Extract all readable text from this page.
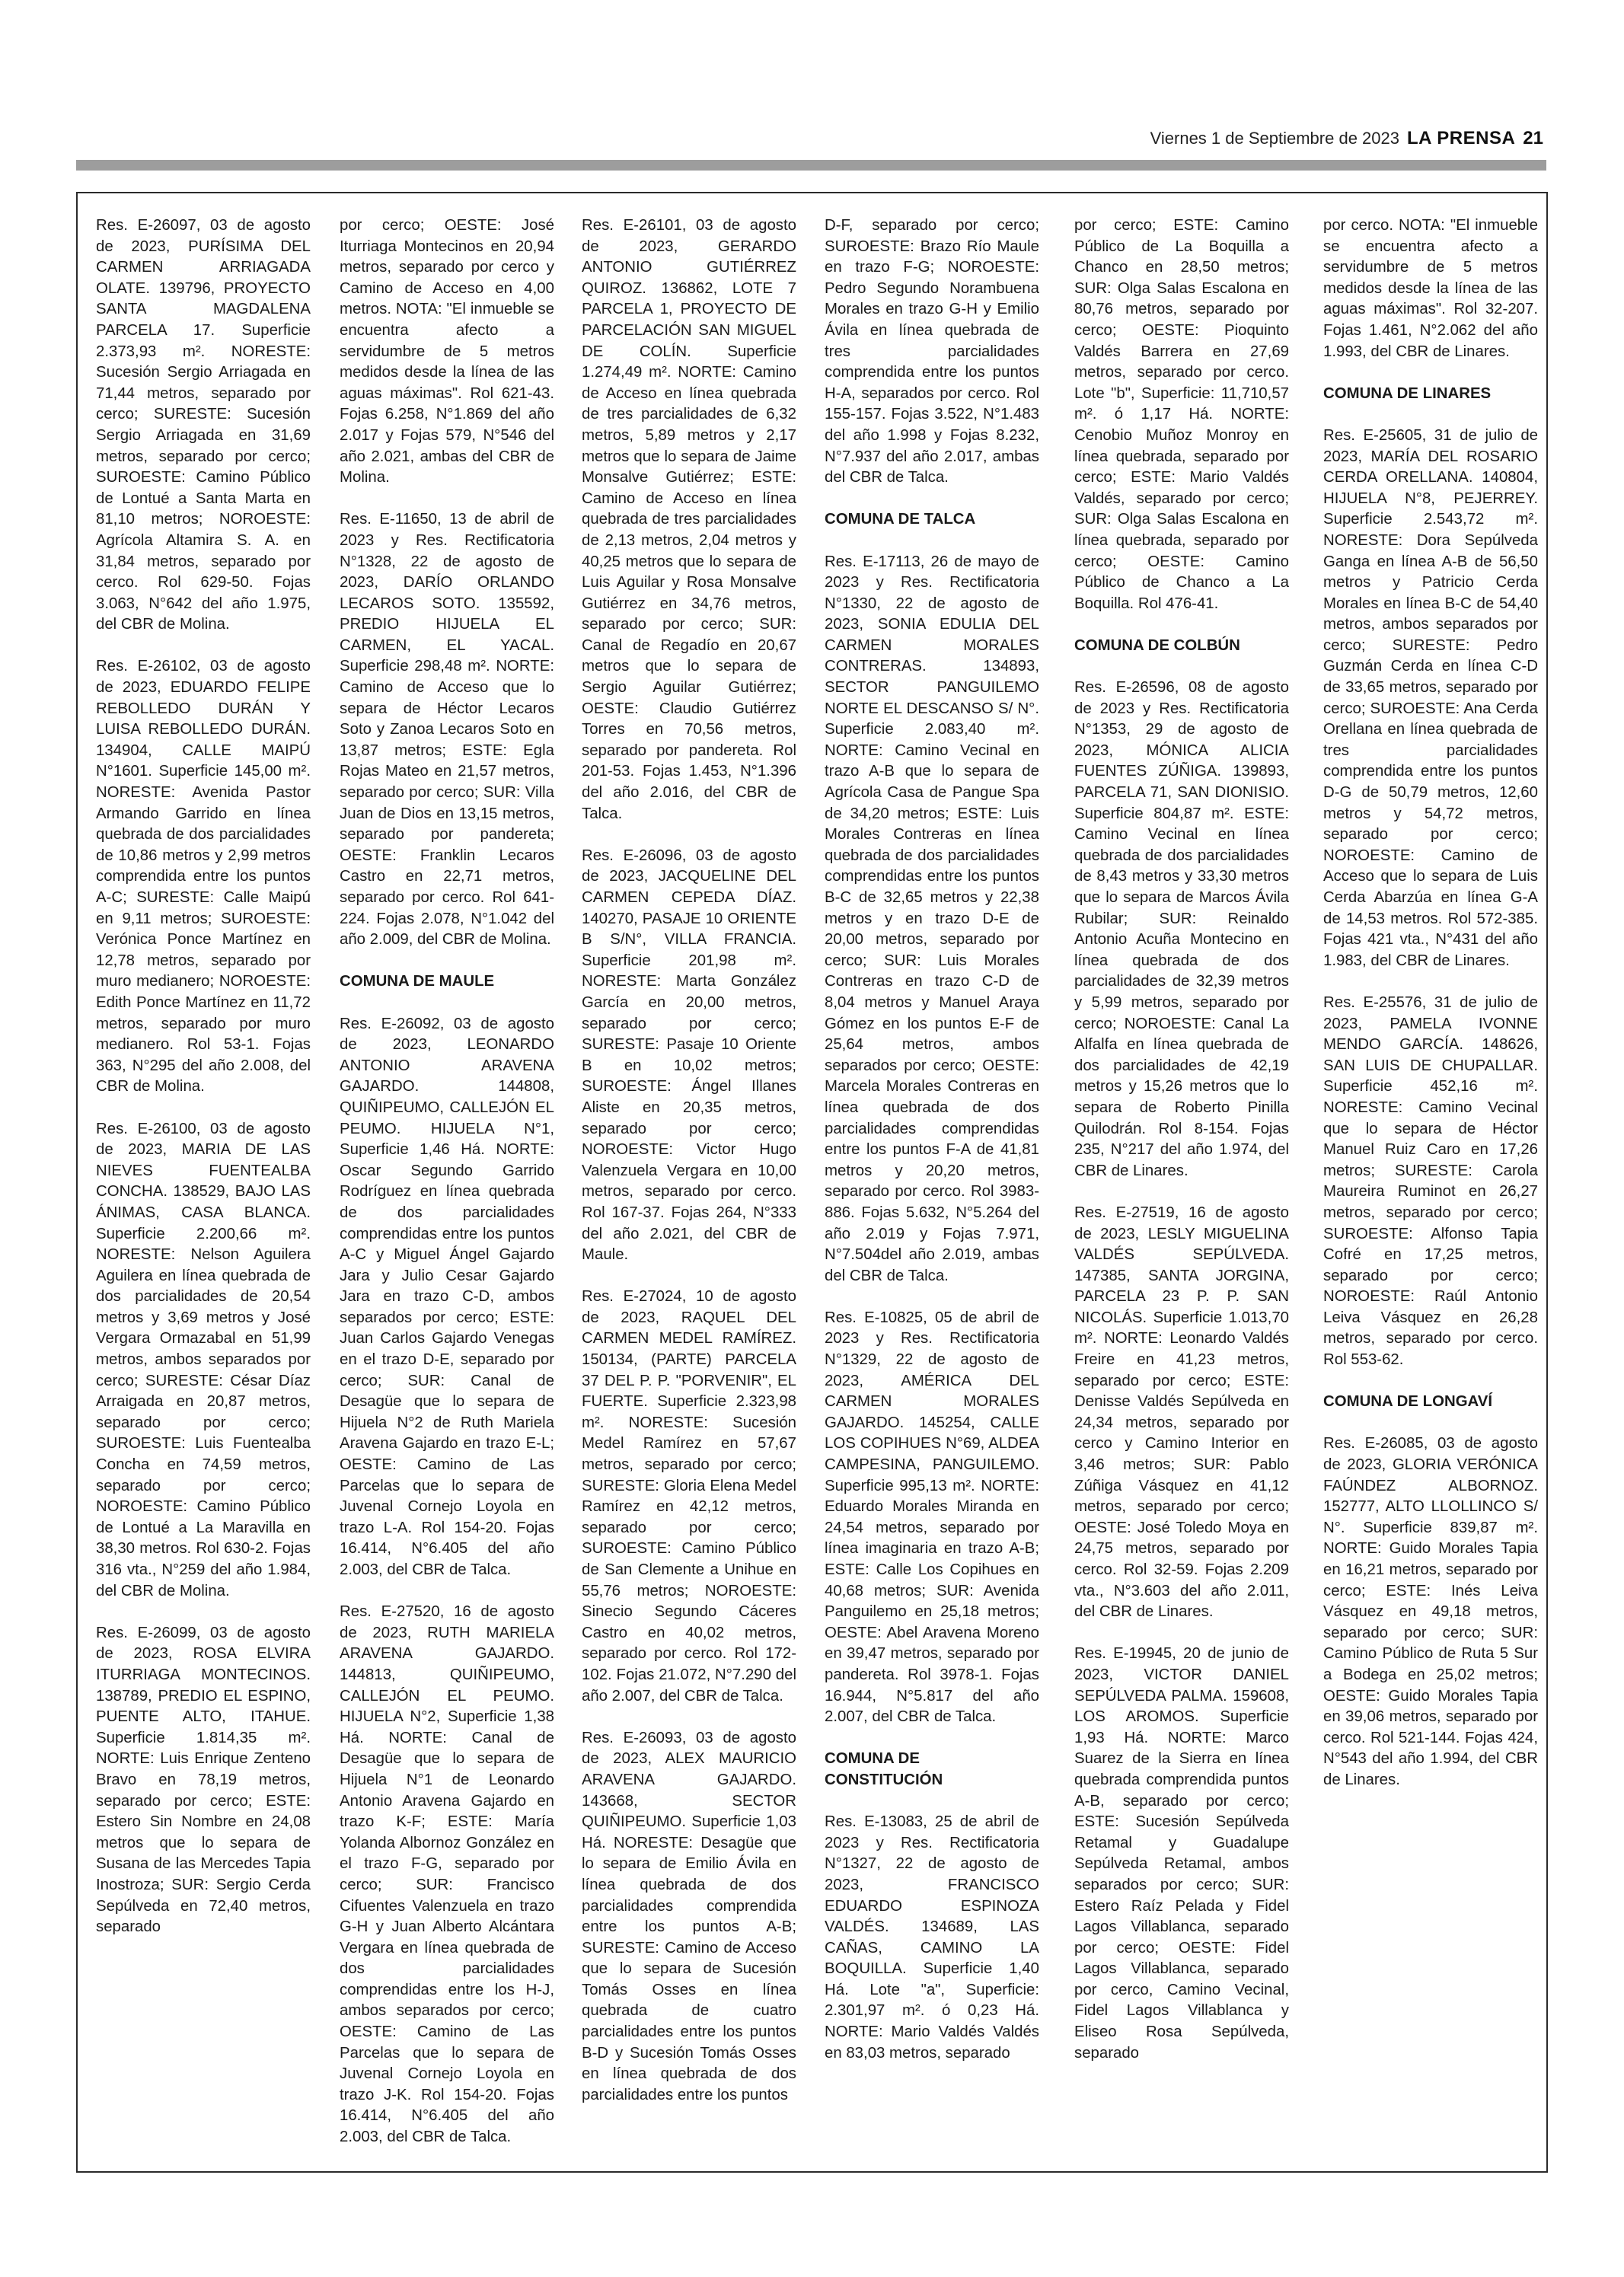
Viernes 1 de Septiembre de 2023 LA PRENSA 21

Res. E-26097, 03 de agosto de 2023, PURÍSIMA DEL CARMEN ARRIAGADA OLATE. 139796, PROYECTO SANTA MAGDALENA PARCELA 17. Superficie 2.373,93 m². NORESTE: Sucesión Sergio Arriagada en 71,44 metros, separado por cerco; SURESTE: Sucesión Sergio Arriagada en 31,69 metros, separado por cerco; SUROESTE: Camino Público de Lontué a Santa Marta en 81,10 metros; NOROESTE: Agrícola Altamira S. A. en 31,84 metros, separado por cerco. Rol 629-50. Fojas 3.063, N°642 del año 1.975, del CBR de Molina.

Res. E-26102, 03 de agosto de 2023, EDUARDO FELIPE REBOLLEDO DURÁN Y LUISA REBOLLEDO DURÁN. 134904, CALLE MAIPÚ N°1601. Superficie 145,00 m². NORESTE: Avenida Pastor Armando Garrido en línea quebrada de dos parcialidades de 10,86 metros y 2,99 metros comprendida entre los puntos A-C; SURESTE: Calle Maipú en 9,11 metros; SUROESTE: Verónica Ponce Martínez en 12,78 metros, separado por muro medianero; NOROESTE: Edith Ponce Martínez en 11,72 metros, separado por muro medianero. Rol 53-1. Fojas 363, N°295 del año 2.008, del CBR de Molina.

Res. E-26100, 03 de agosto de 2023, MARIA DE LAS NIEVES FUENTEALBA CONCHA. 138529, BAJO LAS ÁNIMAS, CASA BLANCA. Superficie 2.200,66 m². NORESTE: Nelson Aguilera Aguilera en línea quebrada de dos parcialidades de 20,54 metros y 3,69 metros y José Vergara Ormazabal en 51,99 metros, ambos separados por cerco; SURESTE: César Díaz Arraigada en 20,87 metros, separado por cerco; SUROESTE: Luis Fuentealba Concha en 74,59 metros, separado por cerco; NOROESTE: Camino Público de Lontué a La Maravilla en 38,30 metros. Rol 630-2. Fojas 316 vta., N°259 del año 1.984, del CBR de Molina.

Res. E-26099, 03 de agosto de 2023, ROSA ELVIRA ITURRIAGA MONTECINOS. 138789, PREDIO EL ESPINO, PUENTE ALTO, ITAHUE. Superficie 1.814,35 m². NORTE: Luis Enrique Zenteno Bravo en 78,19 metros, separado por cerco; ESTE: Estero Sin Nombre en 24,08 metros que lo separa de Susana de las Mercedes Tapia Inostroza; SUR: Sergio Cerda Sepúlveda en 72,40 metros, separado

por cerco; OESTE: José Iturriaga Montecinos en 20,94 metros, separado por cerco y Camino de Acceso en 4,00 metros. NOTA: "El inmueble se encuentra afecto a servidumbre de 5 metros medidos desde la línea de las aguas máximas". Rol 621-43. Fojas 6.258, N°1.869 del año 2.017 y Fojas 579, N°546 del año 2.021, ambas del CBR de Molina.

Res. E-11650, 13 de abril de 2023 y Res. Rectificatoria N°1328, 22 de agosto de 2023, DARÍO ORLANDO LECAROS SOTO. 135592, PREDIO HIJUELA EL CARMEN, EL YACAL. Superficie 298,48 m². NORTE: Camino de Acceso que lo separa de Héctor Lecaros Soto y Zanoa Lecaros Soto en 13,87 metros; ESTE: Egla Rojas Mateo en 21,57 metros, separado por cerco; SUR: Villa Juan de Dios en 13,15 metros, separado por pandereta; OESTE: Franklin Lecaros Castro en 22,71 metros, separado por cerco. Rol 641-224. Fojas 2.078, N°1.042 del año 2.009, del CBR de Molina.

COMUNA DE MAULE

Res. E-26092, 03 de agosto de 2023, LEONARDO ANTONIO ARAVENA GAJARDO. 144808, QUIÑIPEUMO, CALLEJÓN EL PEUMO. HIJUELA N°1, Superficie 1,46 Há. NORTE: Oscar Segundo Garrido Rodríguez en línea quebrada de dos parcialidades comprendidas entre los puntos A-C y Miguel Ángel Gajardo Jara y Julio Cesar Gajardo Jara en trazo C-D, ambos separados por cerco; ESTE: Juan Carlos Gajardo Venegas en el trazo D-E, separado por cerco; SUR: Canal de Desagüe que lo separa de Hijuela N°2 de Ruth Mariela Aravena Gajardo en trazo E-L; OESTE: Camino de Las Parcelas que lo separa de Juvenal Cornejo Loyola en trazo L-A. Rol 154-20. Fojas 16.414, N°6.405 del año 2.003, del CBR de Talca.

Res. E-27520, 16 de agosto de 2023, RUTH MARIELA ARAVENA GAJARDO. 144813, QUIÑIPEUMO, CALLEJÓN EL PEUMO. HIJUELA N°2, Superficie 1,38 Há. NORTE: Canal de Desagüe que lo separa de Hijuela N°1 de Leonardo Antonio Aravena Gajardo en trazo K-F; ESTE: María Yolanda Albornoz González en el trazo F-G, separado por cerco; SUR: Francisco Cifuentes Valenzuela en trazo G-H y Juan Alberto Alcántara Vergara en línea quebrada de dos parcialidades comprendidas entre los H-J, ambos separados por cerco; OESTE: Camino de Las Parcelas que lo separa de Juvenal Cornejo Loyola en trazo J-K. Rol 154-20. Fojas 16.414, N°6.405 del año 2.003, del CBR de Talca.

Res. E-26101, 03 de agosto de 2023, GERARDO ANTONIO GUTIÉRREZ QUIROZ. 136862, LOTE 7 PARCELA 1, PROYECTO DE PARCELACIÓN SAN MIGUEL DE COLÍN. Superficie 1.274,49 m². NORTE: Camino de Acceso en línea quebrada de tres parcialidades de 6,32 metros, 5,89 metros y 2,17 metros que lo separa de Jaime Monsalve Gutiérrez; ESTE: Camino de Acceso en línea quebrada de tres parcialidades de 2,13 metros, 2,04 metros y 40,25 metros que lo separa de Luis Aguilar y Rosa Monsalve Gutiérrez en 34,76 metros, separado por cerco; SUR: Canal de Regadío en 20,67 metros que lo separa de Sergio Aguilar Gutiérrez; OESTE: Claudio Gutiérrez Torres en 70,56 metros, separado por pandereta. Rol 201-53. Fojas 1.453, N°1.396 del año 2.016, del CBR de Talca.

Res. E-26096, 03 de agosto de 2023, JACQUELINE DEL CARMEN CEPEDA DÍAZ. 140270, PASAJE 10 ORIENTE B S/N°, VILLA FRANCIA. Superficie 201,98 m². NORESTE: Marta González García en 20,00 metros, separado por cerco; SURESTE: Pasaje 10 Oriente B en 10,02 metros; SUROESTE: Ángel Illanes Aliste en 20,35 metros, separado por cerco; NOROESTE: Victor Hugo Valenzuela Vergara en 10,00 metros, separado por cerco. Rol 167-37. Fojas 264, N°333 del año 2.021, del CBR de Maule.

Res. E-27024, 10 de agosto de 2023, RAQUEL DEL CARMEN MEDEL RAMÍREZ. 150134, (PARTE) PARCELA 37 DEL P. P. "PORVENIR", EL FUERTE. Superficie 2.323,98 m². NORESTE: Sucesión Medel Ramírez en 57,67 metros, separado por cerco; SURESTE: Gloria Elena Medel Ramírez en 42,12 metros, separado por cerco; SUROESTE: Camino Público de San Clemente a Unihue en 55,76 metros; NOROESTE: Sinecio Segundo Cáceres Castro en 40,02 metros, separado por cerco. Rol 172-102. Fojas 21.072, N°7.290 del año 2.007, del CBR de Talca.

Res. E-26093, 03 de agosto de 2023, ALEX MAURICIO ARAVENA GAJARDO. 143668, SECTOR QUIÑIPEUMO. Superficie 1,03 Há. NORESTE: Desagüe que lo separa de Emilio Ávila en línea quebrada de dos parcialidades comprendida entre los puntos A-B; SURESTE: Camino de Acceso que lo separa de Sucesión Tomás Osses en línea quebrada de cuatro parcialidades entre los puntos B-D y Sucesión Tomás Osses en línea quebrada de dos parcialidades entre los puntos

D-F, separado por cerco; SUROESTE: Brazo Río Maule en trazo F-G; NOROESTE: Pedro Segundo Norambuena Morales en trazo G-H y Emilio Ávila en línea quebrada de tres parcialidades comprendida entre los puntos H-A, separados por cerco. Rol 155-157. Fojas 3.522, N°1.483 del año 1.998 y Fojas 8.232, N°7.937 del año 2.017, ambas del CBR de Talca.

COMUNA DE TALCA

Res. E-17113, 26 de mayo de 2023 y Res. Rectificatoria N°1330, 22 de agosto de 2023, SONIA EDULIA DEL CARMEN MORALES CONTRERAS. 134893, SECTOR PANGUILEMO NORTE EL DESCANSO S/ N°. Superficie 2.083,40 m². NORTE: Camino Vecinal en trazo A-B que lo separa de Agrícola Casa de Pangue Spa de 34,20 metros; ESTE: Luis Morales Contreras en línea quebrada de dos parcialidades comprendidas entre los puntos B-C de 32,65 metros y 22,38 metros y en trazo D-E de 20,00 metros, separado por cerco; SUR: Luis Morales Contreras en trazo C-D de 8,04 metros y Manuel Araya Gómez en los puntos E-F de 25,64 metros, ambos separados por cerco; OESTE: Marcela Morales Contreras en línea quebrada de dos parcialidades comprendidas entre los puntos F-A de 41,81 metros y 20,20 metros, separado por cerco. Rol 3983-886. Fojas 5.632, N°5.264 del año 2.019 y Fojas 7.971, N°7.504del año 2.019, ambas del CBR de Talca.

Res. E-10825, 05 de abril de 2023 y Res. Rectificatoria N°1329, 22 de agosto de 2023, AMÉRICA DEL CARMEN MORALES GAJARDO. 145254, CALLE LOS COPIHUES N°69, ALDEA CAMPESINA, PANGUILEMO. Superficie 995,13 m². NORTE: Eduardo Morales Miranda en 24,54 metros, separado por línea imaginaria en trazo A-B; ESTE: Calle Los Copihues en 40,68 metros; SUR: Avenida Panguilemo en 25,18 metros; OESTE: Abel Aravena Moreno en 39,47 metros, separado por pandereta. Rol 3978-1. Fojas 16.944, N°5.817 del año 2.007, del CBR de Talca.

COMUNA DE CONSTITUCIÓN

Res. E-13083, 25 de abril de 2023 y Res. Rectificatoria N°1327, 22 de agosto de 2023, FRANCISCO EDUARDO ESPINOZA VALDÉS. 134689, LAS CAÑAS, CAMINO LA BOQUILLA. Superficie 1,40 Há. Lote "a", Superficie: 2.301,97 m². ó 0,23 Há. NORTE: Mario Valdés Valdés en 83,03 metros, separado

por cerco; ESTE: Camino Público de La Boquilla a Chanco en 28,50 metros; SUR: Olga Salas Escalona en 80,76 metros, separado por cerco; OESTE: Pioquinto Valdés Barrera en 27,69 metros, separado por cerco. Lote "b", Superficie: 11,710,57 m². ó 1,17 Há. NORTE: Cenobio Muñoz Monroy en línea quebrada, separado por cerco; ESTE: Mario Valdés Valdés, separado por cerco; SUR: Olga Salas Escalona en línea quebrada, separado por cerco; OESTE: Camino Público de Chanco a La Boquilla. Rol 476-41.

COMUNA DE COLBÚN

Res. E-26596, 08 de agosto de 2023 y Res. Rectificatoria N°1353, 29 de agosto de 2023, MÓNICA ALICIA FUENTES ZÚÑIGA. 139893, PARCELA 71, SAN DIONISIO. Superficie 804,87 m². ESTE: Camino Vecinal en línea quebrada de dos parcialidades de 8,43 metros y 33,30 metros que lo separa de Marcos Ávila Rubilar; SUR: Reinaldo Antonio Acuña Montecino en línea quebrada de dos parcialidades de 32,39 metros y 5,99 metros, separado por cerco; NOROESTE: Canal La Alfalfa en línea quebrada de dos parcialidades de 42,19 metros y 15,26 metros que lo separa de Roberto Pinilla Quilodrán. Rol 8-154. Fojas 235, N°217 del año 1.974, del CBR de Linares.

Res. E-27519, 16 de agosto de 2023, LESLY MIGUELINA VALDÉS SEPÚLVEDA. 147385, SANTA JORGINA, PARCELA 23 P. P. SAN NICOLÁS. Superficie 1.013,70 m². NORTE: Leonardo Valdés Freire en 41,23 metros, separado por cerco; ESTE: Denisse Valdés Sepúlveda en 24,34 metros, separado por cerco y Camino Interior en 3,46 metros; SUR: Pablo Zúñiga Vásquez en 41,12 metros, separado por cerco; OESTE: José Toledo Moya en 24,75 metros, separado por cerco. Rol 32-59. Fojas 2.209 vta., N°3.603 del año 2.011, del CBR de Linares.

Res. E-19945, 20 de junio de 2023, VICTOR DANIEL SEPÚLVEDA PALMA. 159608, LOS AROMOS. Superficie 1,93 Há. NORTE: Marco Suarez de la Sierra en línea quebrada comprendida puntos A-B, separado por cerco; ESTE: Sucesión Sepúlveda Retamal y Guadalupe Sepúlveda Retamal, ambos separados por cerco; SUR: Estero Raíz Pelada y Fidel Lagos Villablanca, separado por cerco; OESTE: Fidel Lagos Villablanca, separado por cerco, Camino Vecinal, Fidel Lagos Villablanca y Eliseo Rosa Sepúlveda, separado

por cerco. NOTA: "El inmueble se encuentra afecto a servidumbre de 5 metros medidos desde la línea de las aguas máximas". Rol 32-207. Fojas 1.461, N°2.062 del año 1.993, del CBR de Linares.

COMUNA DE LINARES

Res. E-25605, 31 de julio de 2023, MARÍA DEL ROSARIO CERDA ORELLANA. 140804, HIJUELA N°8, PEJERREY. Superficie 2.543,72 m². NORESTE: Dora Sepúlveda Ganga en línea A-B de 56,50 metros y Patricio Cerda Morales en línea B-C de 54,40 metros, ambos separados por cerco; SURESTE: Pedro Guzmán Cerda en línea C-D de 33,65 metros, separado por cerco; SUROESTE: Ana Cerda Orellana en línea quebrada de tres parcialidades comprendida entre los puntos D-G de 50,79 metros, 12,60 metros y 54,72 metros, separado por cerco; NOROESTE: Camino de Acceso que lo separa de Luis Cerda Abarzúa en línea G-A de 14,53 metros. Rol 572-385. Fojas 421 vta., N°431 del año 1.983, del CBR de Linares.

Res. E-25576, 31 de julio de 2023, PAMELA IVONNE MENDO GARCÍA. 148626, SAN LUIS DE CHUPALLAR. Superficie 452,16 m². NORESTE: Camino Vecinal que lo separa de Héctor Manuel Ruiz Caro en 17,26 metros; SURESTE: Carola Maureira Ruminot en 26,27 metros, separado por cerco; SUROESTE: Alfonso Tapia Cofré en 17,25 metros, separado por cerco; NOROESTE: Raúl Antonio Leiva Vásquez en 26,28 metros, separado por cerco. Rol 553-62.

COMUNA DE LONGAVÍ

Res. E-26085, 03 de agosto de 2023, GLORIA VERÓNICA FAÚNDEZ ALBORNOZ. 152777, ALTO LLOLLINCO S/ N°. Superficie 839,87 m². NORTE: Guido Morales Tapia en 16,21 metros, separado por cerco; ESTE: Inés Leiva Vásquez en 49,18 metros, separado por cerco; SUR: Camino Público de Ruta 5 Sur a Bodega en 25,02 metros; OESTE: Guido Morales Tapia en 39,06 metros, separado por cerco. Rol 521-144. Fojas 424, N°543 del año 1.994, del CBR de Linares.
